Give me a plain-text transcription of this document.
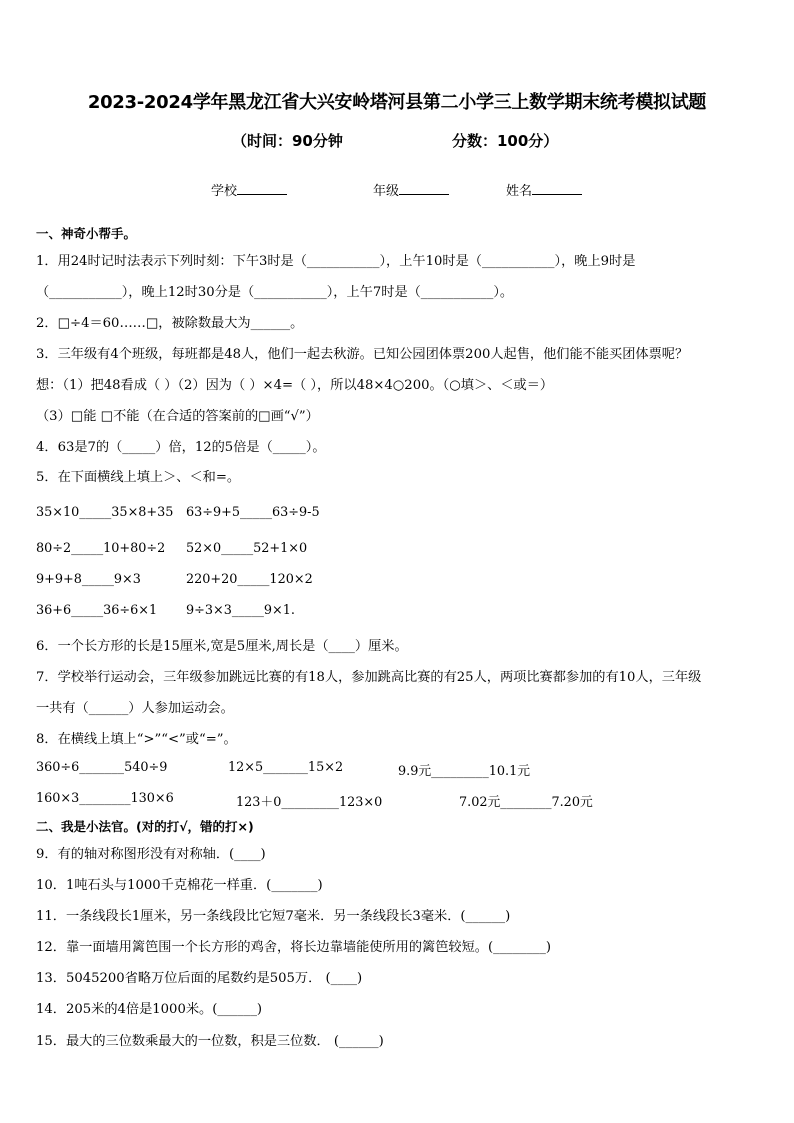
2023-2024学年黑龙江省大兴安岭塔河县第二小学三上数学期末统考模拟试题
（时间：90分钟	分数：100分）
学校	年级	姓名
一、神奇小帮手。
1．用24时记时法表示下列时刻：下午3时是（___________），上午10时是（___________），晚上9时是
（___________），晚上12时30分是（___________），上午7时是（___________）。
2．□÷4＝60……□，被除数最大为______。
3．三年级有4个班级，每班都是48人，他们一起去秋游。已知公园团体票200人起售，他们能不能买团体票呢？
想：（1）把48看成（ ）（2）因为（ ）×4=（ ），所以48×4○200。（○填＞、＜或＝）
（3）□能 □不能（在合适的答案前的□画“√”）
4．63是7的（_____）倍，12的5倍是（_____）。
5．在下面横线上填上＞、＜和=。
35×10_____35×8+35 63÷9+5_____63÷9-5
80÷2_____10+80÷2 52×0_____52+1×0
9+9+8_____9×3	220+20_____120×2
36+6_____36÷6×1 9÷3×3_____9×1.
6．一个长方形的长是15厘米,宽是5厘米,周长是（____）厘米。
7．学校举行运动会，三年级参加跳远比赛的有18人，参加跳高比赛的有25人，两项比赛都参加的有10人，三年级
一共有（______）人参加运动会。
8．在横线上填上“>”“<”或“=”。
360÷6_______540÷9	12×5_______15×2	9.9元_________10.1元
160×3________130×6	123＋0_________123×0	7.02元________7.20元
二、我是小法官。(对的打√，错的打×)
9．有的轴对称图形没有对称轴．(____)
10．1吨石头与1000千克棉花一样重．(_______)
11．一条线段长1厘米，另一条线段比它短7毫米．另一条线段长3毫米．(______)
12．靠一面墙用篱笆围一个长方形的鸡舍，将长边靠墙能使所用的篱笆较短。(________)
13．5045200省略万位后面的尾数约是505万． (____)
14．205米的4倍是1000米。(______)
15．最大的三位数乘最大的一位数，积是三位数． (______)
